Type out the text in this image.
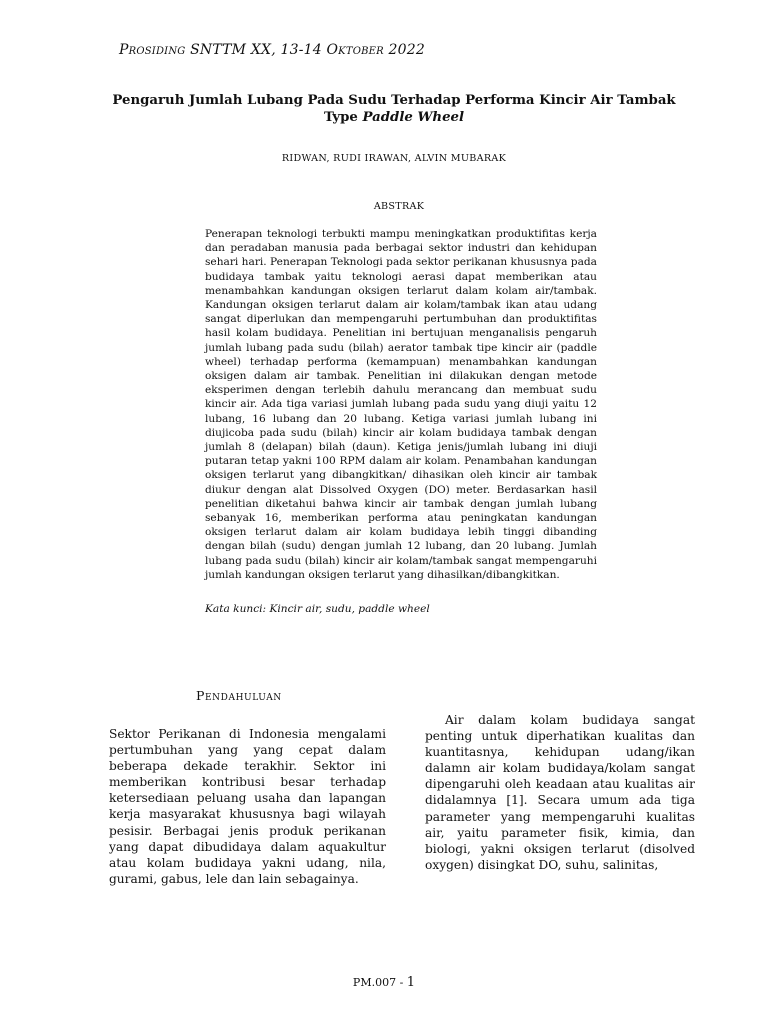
Prosiding SNTTM XX, 13-14 Oktober 2022
Pengaruh Jumlah Lubang Pada Sudu Terhadap Performa Kincir Air Tambak
Type Paddle Wheel
RIDWAN, RUDI IRAWAN, ALVIN MUBARAK
ABSTRAK
Penerapan teknologi terbukti mampu meningkatkan produktifitas kerja dan peradaban manusia pada berbagai sektor industri dan kehidupan sehari hari. Penerapan Teknologi pada sektor perikanan khususnya pada budidaya tambak yaitu teknologi aerasi dapat memberikan atau menambahkan kandungan oksigen terlarut dalam kolam air/tambak. Kandungan oksigen terlarut dalam air kolam/tambak ikan atau udang sangat diperlukan dan mempengaruhi pertumbuhan dan produktifitas hasil kolam budidaya. Penelitian ini bertujuan menganalisis pengaruh jumlah lubang pada sudu (bilah) aerator tambak tipe kincir air (paddle wheel) terhadap performa (kemampuan) menambahkan kandungan oksigen dalam air tambak. Penelitian ini dilakukan dengan metode eksperimen dengan terlebih dahulu merancang dan membuat sudu kincir air. Ada tiga variasi jumlah lubang pada sudu yang diuji yaitu 12 lubang, 16 lubang dan 20 lubang. Ketiga variasi jumlah lubang ini diujicoba pada sudu (bilah) kincir air kolam budidaya tambak dengan jumlah 8 (delapan) bilah (daun). Ketiga jenis/jumlah lubang ini diuji putaran tetap yakni 100 RPM dalam air kolam. Penambahan kandungan oksigen terlarut yang dibangkitkan/ dihasikan oleh kincir air tambak diukur dengan alat Dissolved Oxygen (DO) meter. Berdasarkan hasil penelitian diketahui bahwa kincir air tambak dengan jumlah lubang sebanyak 16, memberikan performa atau peningkatan kandungan oksigen terlarut dalam air kolam budidaya lebih tinggi dibanding dengan bilah (sudu) dengan jumlah 12 lubang, dan 20 lubang. Jumlah lubang pada sudu (bilah) kincir air kolam/tambak sangat mempengaruhi jumlah kandungan oksigen terlarut yang dihasilkan/dibangkitkan.
Kata kunci: Kincir air, sudu, paddle wheel
Pendahuluan

Sektor Perikanan di Indonesia mengalami pertumbuhan yang yang cepat dalam beberapa dekade terakhir. Sektor ini memberikan kontribusi besar terhadap ketersediaan peluang usaha dan lapangan kerja masyarakat khususnya bagi wilayah pesisir. Berbagai jenis produk perikanan yang dapat dibudidaya dalam aquakultur atau kolam budidaya yakni udang, nila, gurami, gabus, lele dan lain sebagainya.

Air dalam kolam budidaya sangat penting untuk diperhatikan kualitas dan kuantitasnya, kehidupan udang/ikan dalamn air kolam budidaya/kolam sangat dipengaruhi oleh keadaan atau kualitas air didalamnya [1]. Secara umum ada tiga parameter yang mempengaruhi kualitas air, yaitu parameter fisik, kimia, dan biologi, yakni oksigen terlarut (disolved oxygen) disingkat DO, suhu, salinitas,

PM.007 - 1
